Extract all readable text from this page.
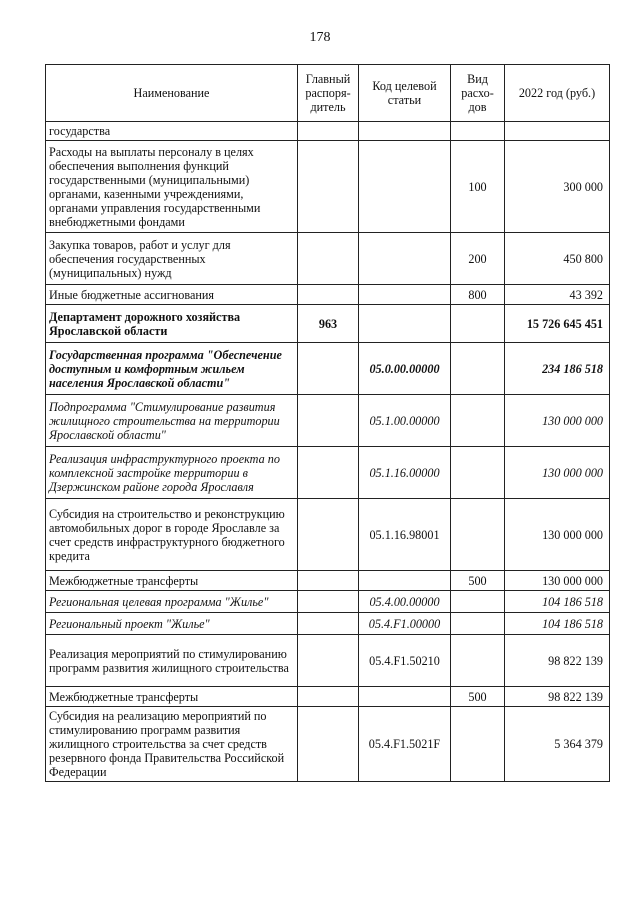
178
Наименование	Главный распоря-дитель	Код целевой статьи	Вид расхо-дов	2022 год (руб.)
государства				
Расходы на выплаты персоналу в целях обеспечения выполнения функций государственными (муниципальными) органами, казенными учреждениями, органами управления государственными внебюджетными фондами			100	300 000
Закупка товаров, работ и услуг для обеспечения государственных (муниципальных) нужд			200	450 800
Иные бюджетные ассигнования			800	43 392
Департамент дорожного хозяйства Ярославской области	963			15 726 645 451
Государственная программа "Обеспечение доступным и комфортным жильем населения Ярославской области"		05.0.00.00000		234 186 518
Подпрограмма "Стимулирование развития жилищного строительства на территории Ярославской области"		05.1.00.00000		130 000 000
Реализация инфраструктурного проекта по комплексной застройке территории в Дзержинском районе города Ярославля		05.1.16.00000		130 000 000
Субсидия на строительство и реконструкцию автомобильных дорог в городе Ярославле за счет средств инфраструктурного бюджетного кредита		05.1.16.98001		130 000 000
Межбюджетные трансферты			500	130 000 000
Региональная целевая программа "Жилье"		05.4.00.00000		104 186 518
Региональный проект "Жилье"		05.4.F1.00000		104 186 518
Реализация мероприятий по стимулированию программ развития жилищного строительства		05.4.F1.50210		98 822 139
Межбюджетные трансферты			500	98 822 139
Субсидия на реализацию мероприятий по стимулированию программ развития жилищного строительства за счет средств резервного фонда Правительства Российской Федерации		05.4.F1.5021F		5 364 379
